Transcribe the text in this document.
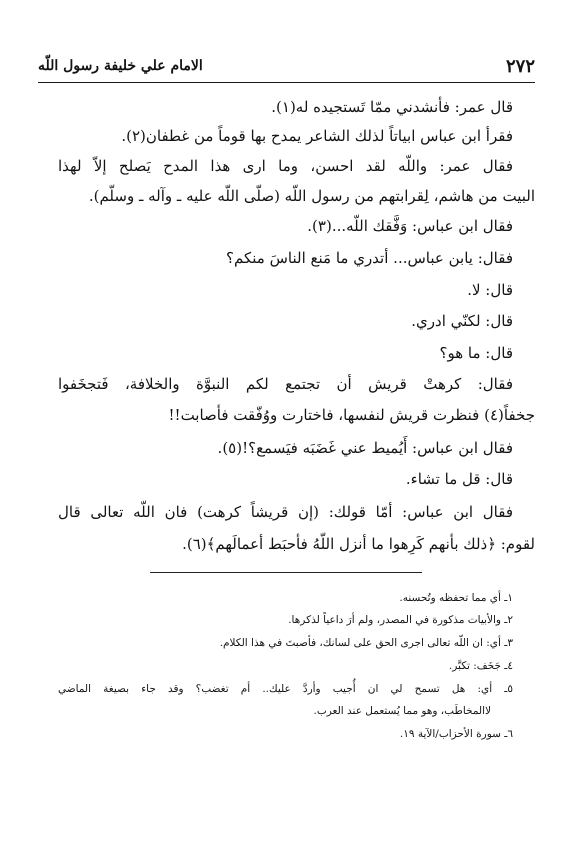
٢٧٢
الامام علي خليفة رسول اللّه
قال عمر: فأنشدني ممّا تَستجيده له(١).
فقرأ ابن عباس ابياتاً لذلك الشاعر يمدح بها قوماً من غطفان(٢).
فقال عمر: واللّه لقد احسن، وما ارى هذا المدح يَصلح إلاّ لهذا
البيت من هاشم، لِقرابتهم من رسول اللّه (صلّى اللّه عليه ـ وآله ـ وسلّم).
فقال ابن عباس: وَفَّقك اللّه...(٣).
فقال: يابن عباس... أتدري ما مَنع الناسَ منكم؟
قال: لا.
قال: لكنّي ادري.
قال: ما هو؟
فقال: كرهتْ قريش أن تجتمع لكم النبوَّة والخلافة، فَتجخَفوا
جخفاً(٤) فنظرت قريش لنفسها، فاختارت ووُفّقت فأصابت!!
فقال ابن عباس: أَيُميط عني غَضَبَه فيَسمع؟!(٥).
قال: قل ما تشاء.
فقال ابن عباس: أمّا قولك: (إن قريشاً كرهت) فان اللّه تعالى قال
لقوم: ﴿ذلك بأنهم كَرِهوا ما أنزل اللّهُ فأحبَط أعمالَهم﴾(٦).
١ـ أي مما تحفظه وتُحسنه.
٢ـ والأبيات مذكورة في المصدر، ولم أرَ داعياً لذكرها.
٣ـ أي: ان اللّه تعالى اجرى الحق على لسانك، فأصبتَ في هذا الكلام.
٤ـ جَخَف: تكبَّر.
٥ـ أي: هل تسمح لي ان أُجيب وأردَّ عليك.. أم تغضب؟ وقد جاء بصيغة الماضي
لاالمخاطَب، وهو مما يُستعمل عند العرب.
٦ـ سورة الأحزاب/الآية ١٩.
